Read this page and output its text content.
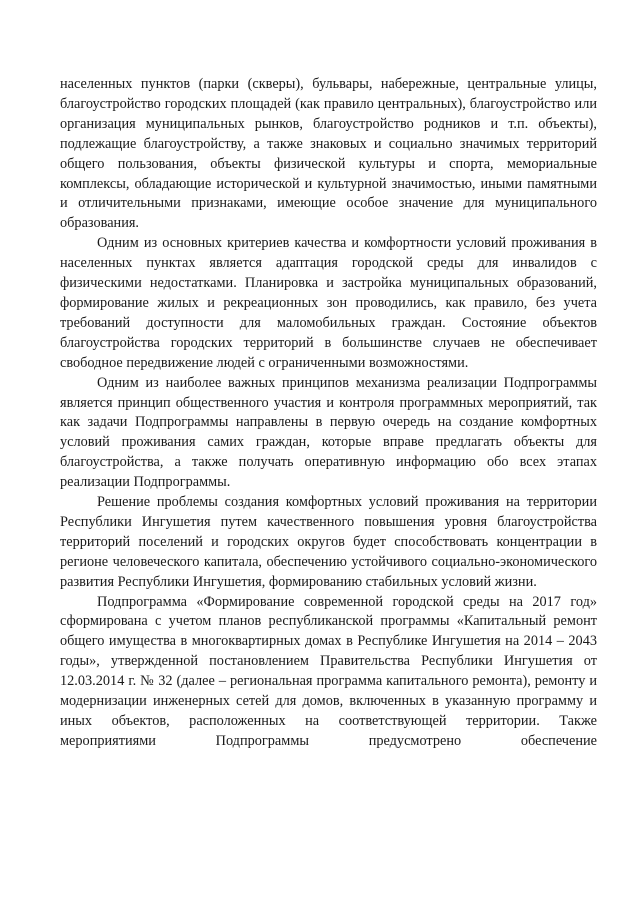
населенных пунктов (парки (скверы), бульвары, набережные, центральные улицы, благоустройство городских площадей (как правило центральных), благоустройство или организация муниципальных рынков, благоустройство родников и т.п. объекты), подлежащие благоустройству, а также знаковых и социально значимых территорий общего пользования, объекты физической культуры и спорта, мемориальные комплексы, обладающие исторической и культурной значимостью, иными памятными и отличительными признаками, имеющие особое значение для муниципального образования.

Одним из основных критериев качества и комфортности условий проживания в населенных пунктах является адаптация городской среды для инвалидов с физическими недостатками. Планировка и застройка муниципальных образований, формирование жилых и рекреационных зон проводились, как правило, без учета требований доступности для маломобильных граждан. Состояние объектов благоустройства городских территорий в большинстве случаев не обеспечивает свободное передвижение людей с ограниченными возможностями.

Одним из наиболее важных принципов механизма реализации Подпрограммы является принцип общественного участия и контроля программных мероприятий, так как задачи Подпрограммы направлены в первую очередь на создание комфортных условий проживания самих граждан, которые вправе предлагать объекты для благоустройства, а также получать оперативную информацию обо всех этапах реализации Подпрограммы.

Решение проблемы создания комфортных условий проживания на территории Республики Ингушетия путем качественного повышения уровня благоустройства территорий поселений и городских округов будет способствовать концентрации в регионе человеческого капитала, обеспечению устойчивого социально-экономического развития Республики Ингушетия, формированию стабильных условий жизни.

Подпрограмма «Формирование современной городской среды на 2017 год» сформирована с учетом планов республиканской программы «Капитальный ремонт общего имущества в многоквартирных домах в Республике Ингушетия на 2014 – 2043 годы», утвержденной постановлением Правительства Республики Ингушетия от 12.03.2014 г. № 32 (далее – региональная программа капитального ремонта), ремонту и модернизации инженерных сетей для домов, включенных в указанную программу и иных объектов, расположенных на соответствующей территории. Также мероприятиями Подпрограммы предусмотрено обеспечение
